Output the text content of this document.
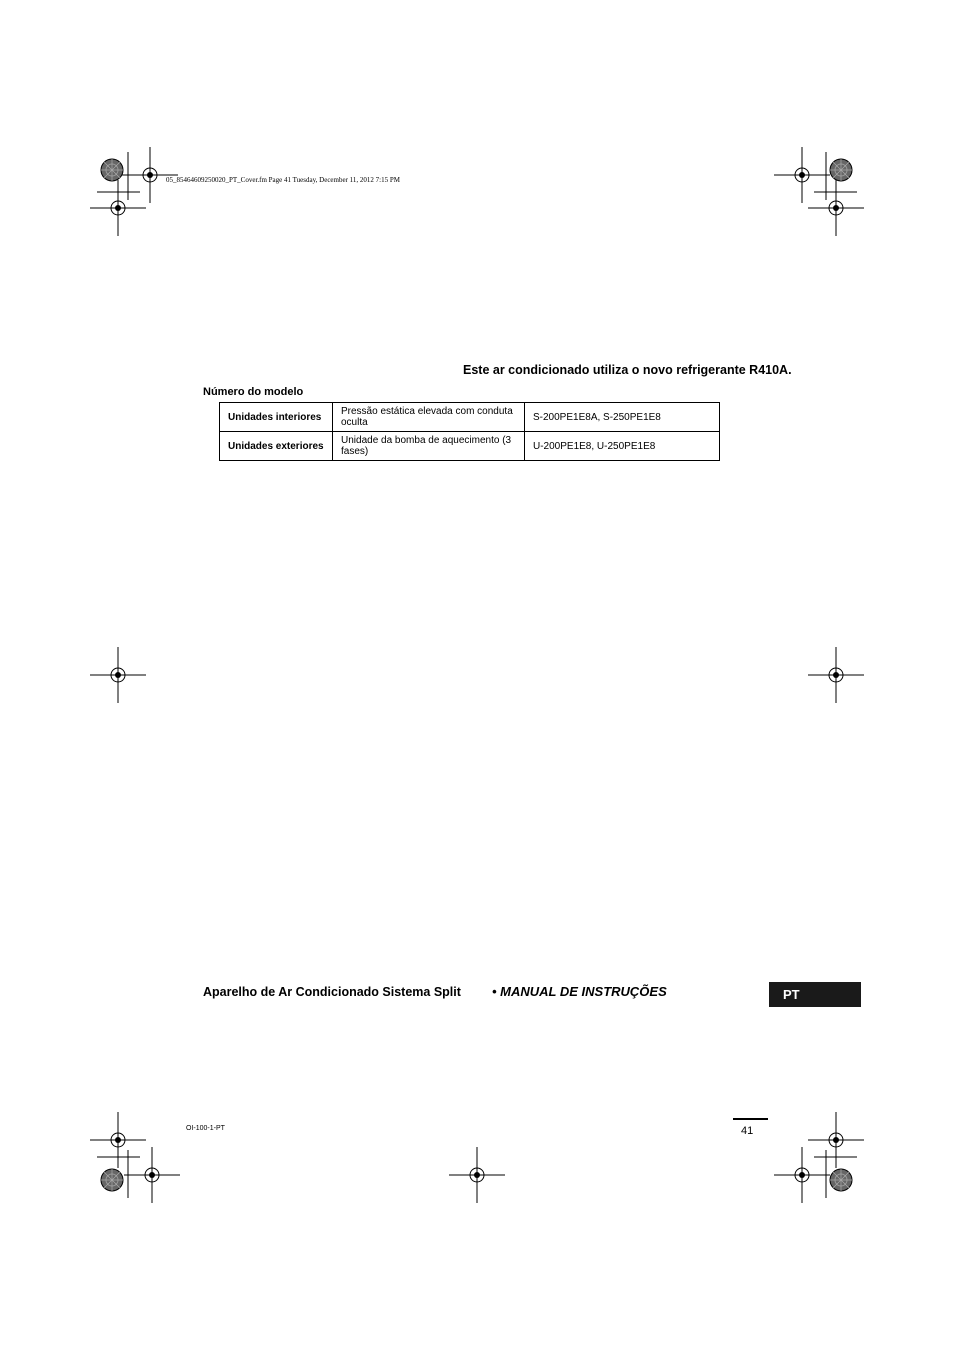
05_85464609250020_PT_Cover.fm Page 41 Tuesday, December 11, 2012 7:15 PM
Este ar condicionado utiliza o novo refrigerante R410A.
Número do modelo
Unidades interiores	Pressão estática elevada com conduta oculta	S-200PE1E8A, S-250PE1E8
Unidades exteriores	Unidade da bomba de aquecimento (3 fases)	U-200PE1E8, U-250PE1E8
Aparelho de Ar Condicionado Sistema Split • MANUAL DE INSTRUÇÕES	PT
OI-100-1-PT	41
